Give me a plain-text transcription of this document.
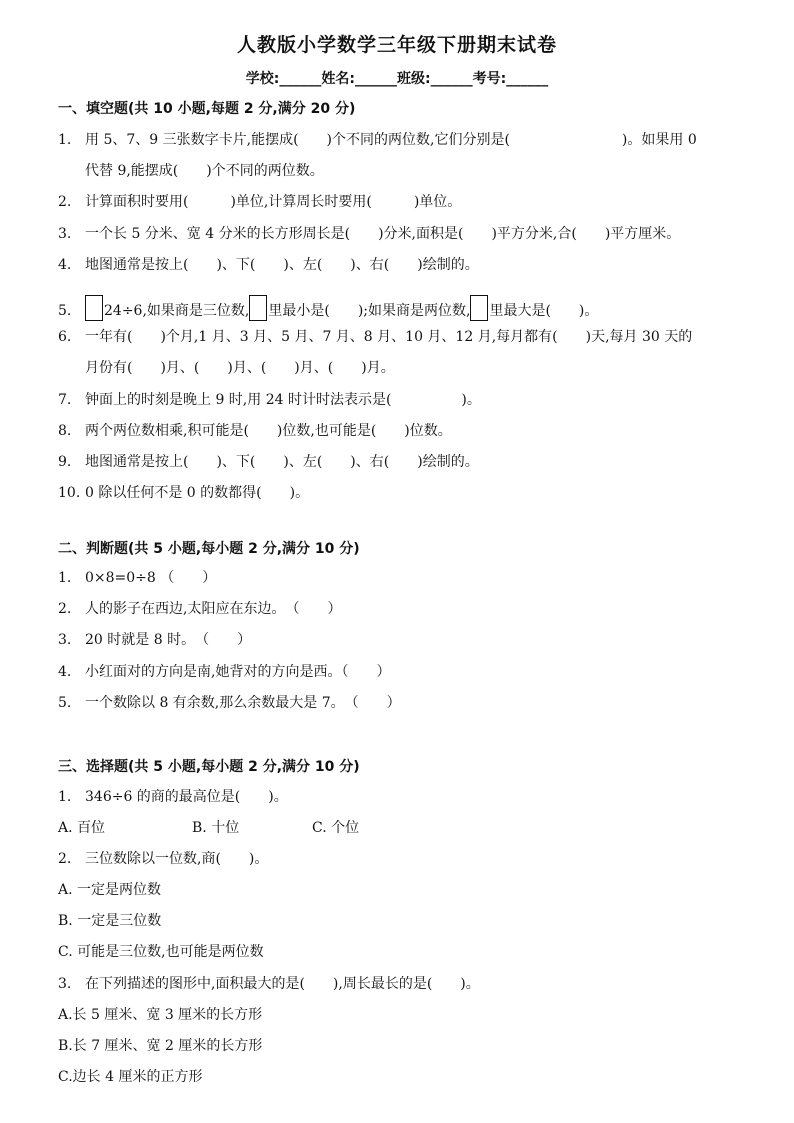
人教版小学数学三年级下册期末试卷
学校:______姓名:______班级:______考号:______
一、填空题(共 10 小题,每题 2 分,满分 20 分)
1. 用 5、7、9 三张数字卡片,能摆成(　　)个不同的两位数,它们分别是(　　　　　　　　)。如果用 0
代替 9,能摆成(　　)个不同的两位数。
2. 计算面积时要用(　　　)单位,计算周长时要用(　　　)单位。
3. 一个长 5 分米、宽 4 分米的长方形周长是(　　)分米,面积是(　　)平方分米,合(　　)平方厘米。
4. 地图通常是按上(　　)、下(　　)、左(　　)、右(　　)绘制的。
5. 24÷6,如果商是三位数, 里最小是(　　);如果商是两位数, 里最大是(　　)。
6. 一年有(　　)个月,1 月、3 月、5 月、7 月、8 月、10 月、12 月,每月都有(　　)天,每月 30 天的
月份有(　　)月、(　　)月、(　　)月、(　　)月。
7. 钟面上的时刻是晚上 9 时,用 24 时计时法表示是(　　　　　)。
8. 两个两位数相乘,积可能是(　　)位数,也可能是(　　)位数。
9. 地图通常是按上(　　)、下(　　)、左(　　)、右(　　)绘制的。
10. 0 除以任何不是 0 的数都得(　　)。
二、判断题(共 5 小题,每小题 2 分,满分 10 分)
1. 0×8=0÷8 （　　）
2. 人的影子在西边,太阳应在东边。　（　　）
3. 20 时就是 8 时。　（　　）
4. 小红面对的方向是南,她背对的方向是西。（　　）
5. 一个数除以 8 有余数,那么余数最大是 7。　（　　）
三、选择题(共 5 小题,每小题 2 分,满分 10 分)
1. 346÷6 的商的最高位是(　　)。
A. 百位	B. 十位	C. 个位
2. 三位数除以一位数,商(　　)。
A. 一定是两位数
B. 一定是三位数
C. 可能是三位数,也可能是两位数
3. 在下列描述的图形中,面积最大的是(　　),周长最长的是(　　)。
A.长 5 厘米、宽 3 厘米的长方形
B.长 7 厘米、宽 2 厘米的长方形
C.边长 4 厘米的正方形
